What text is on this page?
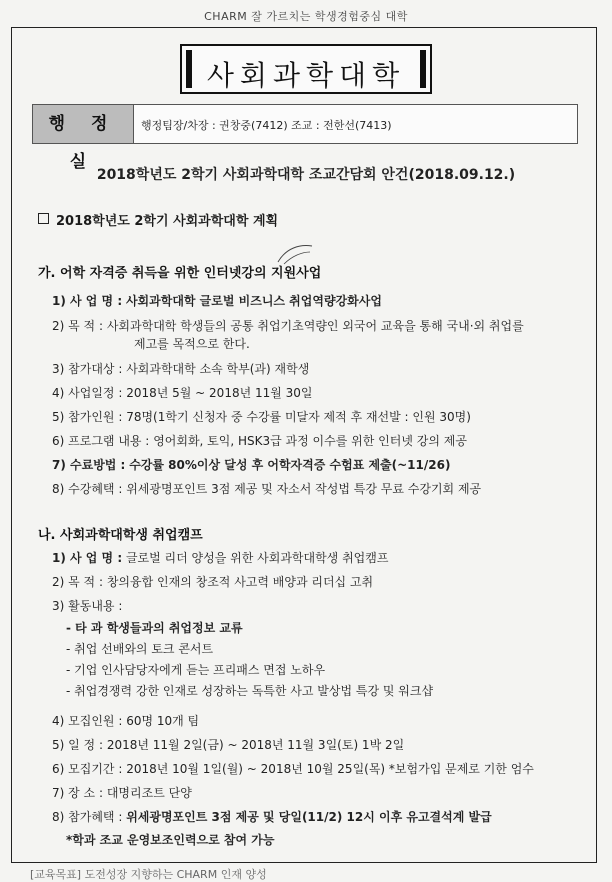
CHARM 잘 가르치는 학생경험중심 대학
사회과학대학
행 정 실
행정팀장/차장 : 권창중(7412) 조교 : 전한선(7413)
2018학년도 2학기 사회과학대학 조교간담회 안건(2018.09.12.)
2018학년도 2학기 사회과학대학 계획
가. 어학 자격증 취득을 위한 인터넷강의 지원사업
1) 사 업 명 : 사회과학대학 글로벌 비즈니스 취업역량강화사업
2) 목 적 : 사회과학대학 학생들의 공통 취업기초역량인 외국어 교육을 통해 국내·외 취업를
제고를 목적으로 한다.
3) 참가대상 : 사회과학대학 소속 학부(과) 재학생
4) 사업일정 : 2018년 5월 ~ 2018년 11월 30일
5) 참가인원 : 78명(1학기 신청자 중 수강률 미달자 제적 후 재선발 : 인원 30명)
6) 프로그램 내용 : 영어회화, 토익, HSK3급 과정 이수를 위한 인터넷 강의 제공
7) 수료방법 : 수강률 80%이상 달성 후 어학자격증 수험표 제출(~11/26)
8) 수강혜택 : 위세광명포인트 3점 제공 및 자소서 작성법 특강 무료 수강기회 제공
나. 사회과학대학생 취업캠프
1) 사 업 명 : 글로벌 리더 양성을 위한 사회과학대학생 취업캠프
2) 목 적 : 창의융합 인재의 창조적 사고력 배양과 리더십 고취
3) 활동내용 :
- 타 과 학생들과의 취업정보 교류
- 취업 선배와의 토크 콘서트
- 기업 인사담당자에게 듣는 프리패스 면접 노하우
- 취업경쟁력 강한 인재로 성장하는 독특한 사고 발상법 특강 및 워크샵
4) 모집인원 : 60명 10개 팀
5) 일 정 : 2018년 11월 2일(금) ~ 2018년 11월 3일(토) 1박 2일
6) 모집기간 : 2018년 10월 1일(월) ~ 2018년 10월 25일(목) *보험가입 문제로 기한 엄수
7) 장 소 : 대명리조트 단양
8) 참가혜택 : 위세광명포인트 3점 제공 및 당일(11/2) 12시 이후 유고결석계 발급
*학과 조교 운영보조인력으로 참여 가능
[교육목표] 도전성장 지향하는 CHARM 인재 양성
